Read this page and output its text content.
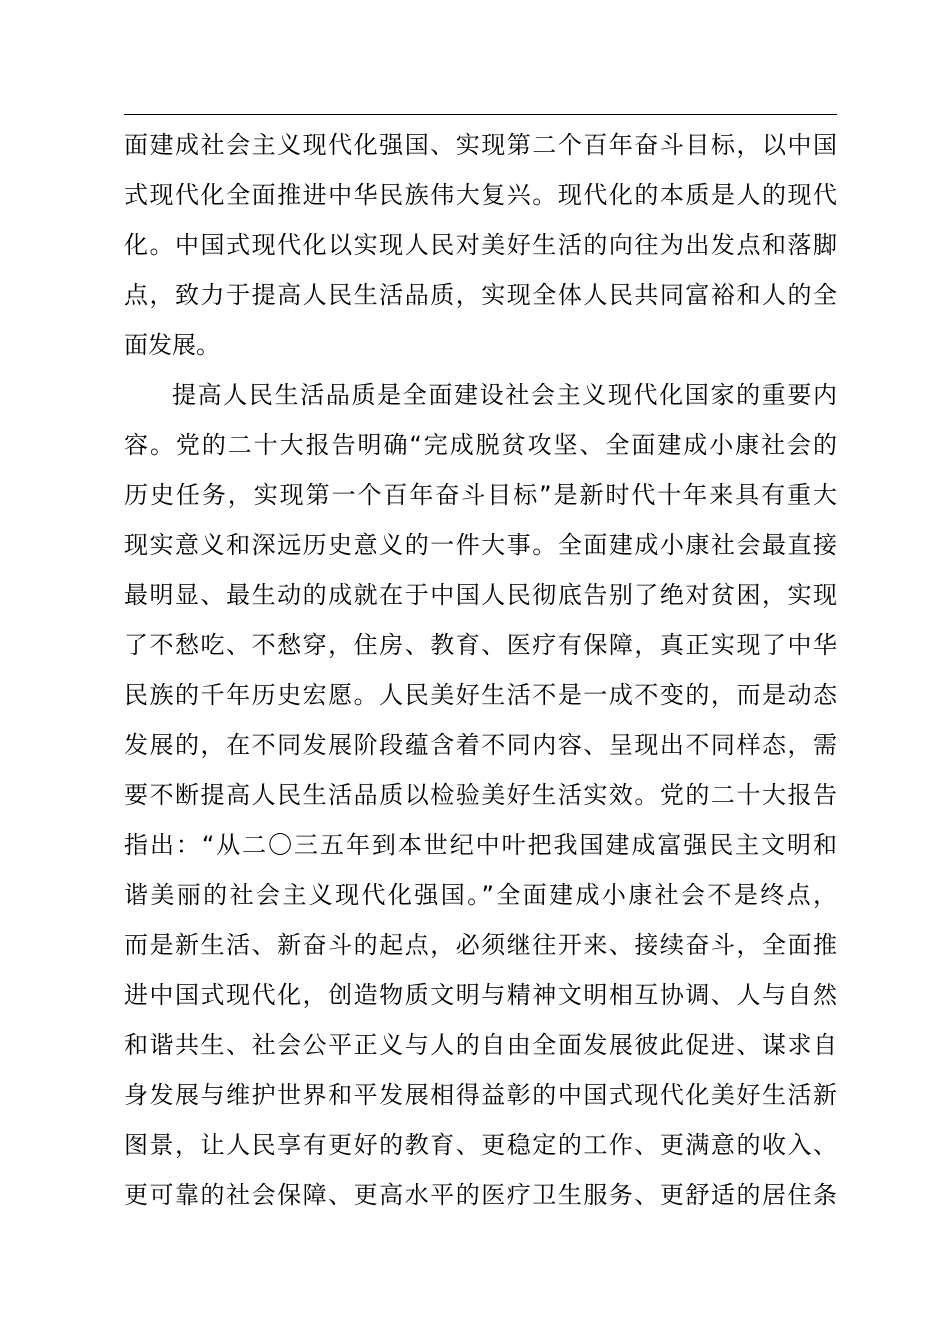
面建成社会主义现代化强国、实现第二个百年奋斗目标，以中国
式现代化全面推进中华民族伟大复兴。现代化的本质是人的现代
化。中国式现代化以实现人民对美好生活的向往为出发点和落脚
点，致力于提高人民生活品质，实现全体人民共同富裕和人的全
面发展。
提高人民生活品质是全面建设社会主义现代化国家的重要内
容。党的二十大报告明确“完成脱贫攻坚、全面建成小康社会的
历史任务，实现第一个百年奋斗目标”是新时代十年来具有重大
现实意义和深远历史意义的一件大事。全面建成小康社会最直接
最明显、最生动的成就在于中国人民彻底告别了绝对贫困，实现
了不愁吃、不愁穿，住房、教育、医疗有保障，真正实现了中华
民族的千年历史宏愿。人民美好生活不是一成不变的，而是动态
发展的，在不同发展阶段蕴含着不同内容、呈现出不同样态，需
要不断提高人民生活品质以检验美好生活实效。党的二十大报告
指出：“从二〇三五年到本世纪中叶把我国建成富强民主文明和
谐美丽的社会主义现代化强国。”全面建成小康社会不是终点，
而是新生活、新奋斗的起点，必须继往开来、接续奋斗，全面推
进中国式现代化，创造物质文明与精神文明相互协调、人与自然
和谐共生、社会公平正义与人的自由全面发展彼此促进、谋求自
身发展与维护世界和平发展相得益彰的中国式现代化美好生活新
图景，让人民享有更好的教育、更稳定的工作、更满意的收入、
更可靠的社会保障、更高水平的医疗卫生服务、更舒适的居住条
